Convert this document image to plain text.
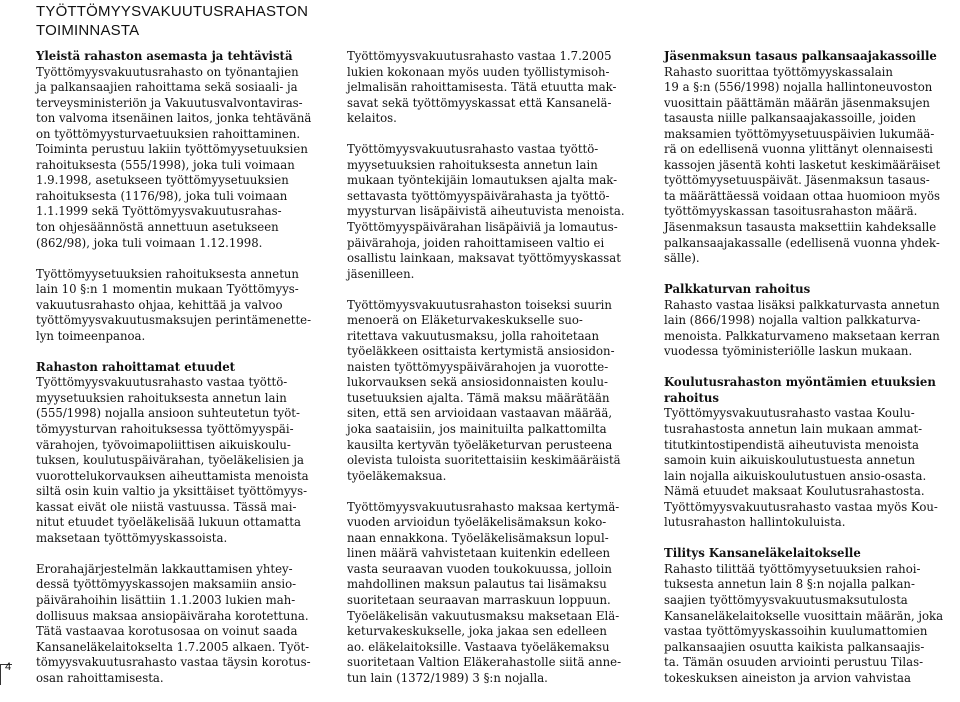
TYÖTTÖMYYSVAKUUTUSRAHASTON
TOIMINNASTA

Yleistä rahaston asemasta ja tehtävistä
Työttömyysvakuutusrahasto on työnantajien
ja palkansaajien rahoittama sekä sosiaali- ja
terveysministeriön ja Vakuutusvalvontaviras-
ton valvoma itsenäinen laitos, jonka tehtävänä
on työttömyysturvaetuuksien rahoittaminen.
Toiminta perustuu lakiin työttömyysetuuksien
rahoituksesta (555/1998), joka tuli voimaan
1.9.1998, asetukseen työttömyysetuuksien
rahoituksesta (1176/98), joka tuli voimaan
1.1.1999 sekä Työttömyysvakuutusrahas-
ton ohjesäännöstä annettuun asetukseen
(862/98), joka tuli voimaan 1.12.1998.

Työttömyysetuuksien rahoituksesta annetun
lain 10 §:n 1 momentin mukaan Työttömyys-
vakuutusrahasto ohjaa, kehittää ja valvoo
työttömyysvakuutusmaksujen perintämenette-
lyn toimeenpanoa.

Rahaston rahoittamat etuudet
Työttömyysvakuutusrahasto vastaa työttö-
myysetuuksien rahoituksesta annetun lain
(555/1998) nojalla ansioon suhteutetun työt-
tömyysturvan rahoituksessa työttömyyspäi-
värahojen, työvoimapoliittisen aikuiskoulu-
tuksen, koulutuspäivärahan, työeläkelisien ja
vuorottelukorvauksen aiheuttamista menoista
siltä osin kuin valtio ja yksittäiset työttömyys-
kassat eivät ole niistä vastuussa. Tässä mai-
nitut etuudet työeläkelisää lukuun ottamatta
maksetaan työttömyyskassoista.

Erorahajärjestelmän lakkauttamisen yhtey-
dessä työttömyyskassojen maksamiin ansio-
päivärahoihin lisättiin 1.1.2003 lukien mah-
dollisuus maksaa ansiopäivärahа korotettuna.
Tätä vastaavaa korotusosaa on voinut saada
Kansaneläkelaitokselta 1.7.2005 alkaen. Työt-
tömyysvakuutusrahasto vastaa täysin korotus-
osan rahoittamisesta.

Työttömyysvakuutusrahasto vastaa 1.7.2005
lukien kokonaan myös uuden työllistymisoh-
jelmalisän rahoittamisesta. Tätä etuutta mak-
savat sekä työttömyyskassat että Kansanelä-
kelaitos.

Työttömyysvakuutusrahasto vastaa työttö-
myysetuuksien rahoituksesta annetun lain
mukaan työntekijäin lomautuksen ajalta mak-
settavasta työttömyyspäivärahasta ja työttö-
myysturvan lisäpäivistä aiheutuvista menoista.
Työttömyyspäivärahan lisäpäiviä ja lomautus-
päivärahoja, joiden rahoittamiseen valtio ei
osallistu lainkaan, maksavat työttömyyskassat
jäsenilleen.

Työttömyysvakuutusrahaston toiseksi suurin
menoerä on Eläketurvakeskukselle suo-
ritettava vakuutusmaksu, jolla rahoitetaan
työeläkkeen osittaista kertymistä ansiosidon-
naisten työttömyyspäivärahojen ja vuorotte-
lukorvauksen sekä ansiosidonnaisten koulu-
tusetuuksien ajalta. Tämä maksu määrätään
siten, että sen arvioidaan vastaavan määrää,
joka saataisiin, jos mainituilta palkattomilta
kausilta kertyvän työeläketurvan perusteena
olevista tuloista suoritettaisiin keskimääräistä
työeläkemaksua.

Työttömyysvakuutusrahasto maksaa kertymä-
vuoden arvioidun työeläkelisämaksun koko-
naan ennakkona. Työeläkelisämaksun lopul-
linen määrä vahvistetaan kuitenkin edelleen
vasta seuraavan vuoden toukokuussa, jolloin
mahdollinen maksun palautus tai lisämaksu
suoritetaan seuraavan marraskuun loppuun.
Työeläkelisän vakuutusmaksu maksetaan Elä-
keturvakeskukselle, joka jakaa sen edelleen
ao. eläkelaitoksille. Vastaava työeläkemaksu
suoritetaan Valtion Eläkerahastolle siitä anne-
tun lain (1372/1989) 3 §:n nojalla.

Jäsenmaksun tasaus palkansaajakassoille
Rahasto suorittaa työttömyyskassalain
19 a §:n (556/1998) nojalla hallintoneuvoston
vuosittain päättämän määrän jäsenmaksujen
tasausta niille palkansaajakassoille, joiden
maksamien työttömyysetuuspäivien lukumää-
rä on edellisenä vuonna ylittänyt olennaisesti
kassojen jäsentä kohti lasketut keskimääräiset
työttömyysetuuspäivät. Jäsenmaksun tasaus-
ta määrättäessä voidaan ottaa huomioon myös
työttömyyskassan tasoitusrahaston määrä.
Jäsenmaksun tasausta maksettiin kahdeksalle
palkansaajakassalle (edellisenä vuonna yhdek-
sälle).

Palkkaturvan rahoitus
Rahasto vastaa lisäksi palkkaturvasta annetun
lain (866/1998) nojalla valtion palkkaturva-
menoista. Palkkaturvameno maksetaan kerran
vuodessa työministeriölle laskun mukaan.

Koulutusrahaston myöntämien etuuksien
rahoitus
Työttömyysvakuutusrahasto vastaa Koulu-
tusrahastosta annetun lain mukaan ammat-
titutkintostipendistä aiheutuvista menoista
samoin kuin aikuiskoulutustuesta annetun
lain nojalla aikuiskoulutustuen ansio-osasta.
Nämä etuudet maksaat Koulutusrahastosta.
Työttömyysvakuutusrahasto vastaa myös Kou-
lutusrahaston hallintokuluista.

Tilitys Kansaneläkelaitokselle
Rahasto tilittää työttömyysetuuksien rahoi-
tuksesta annetun lain 8 §:n nojalla palkan-
saajien työttömyysvakuutusmaksutulosta
Kansaneläkelaitokselle vuosittain määrän, joka
vastaa työttömyyskassoihin kuulumattomien
palkansaajien osuutta kaikista palkansaajis-
ta. Tämän osuuden arviointi perustuu Tilas-
tokeskuksen aineiston ja arvion vahvistaa

4
